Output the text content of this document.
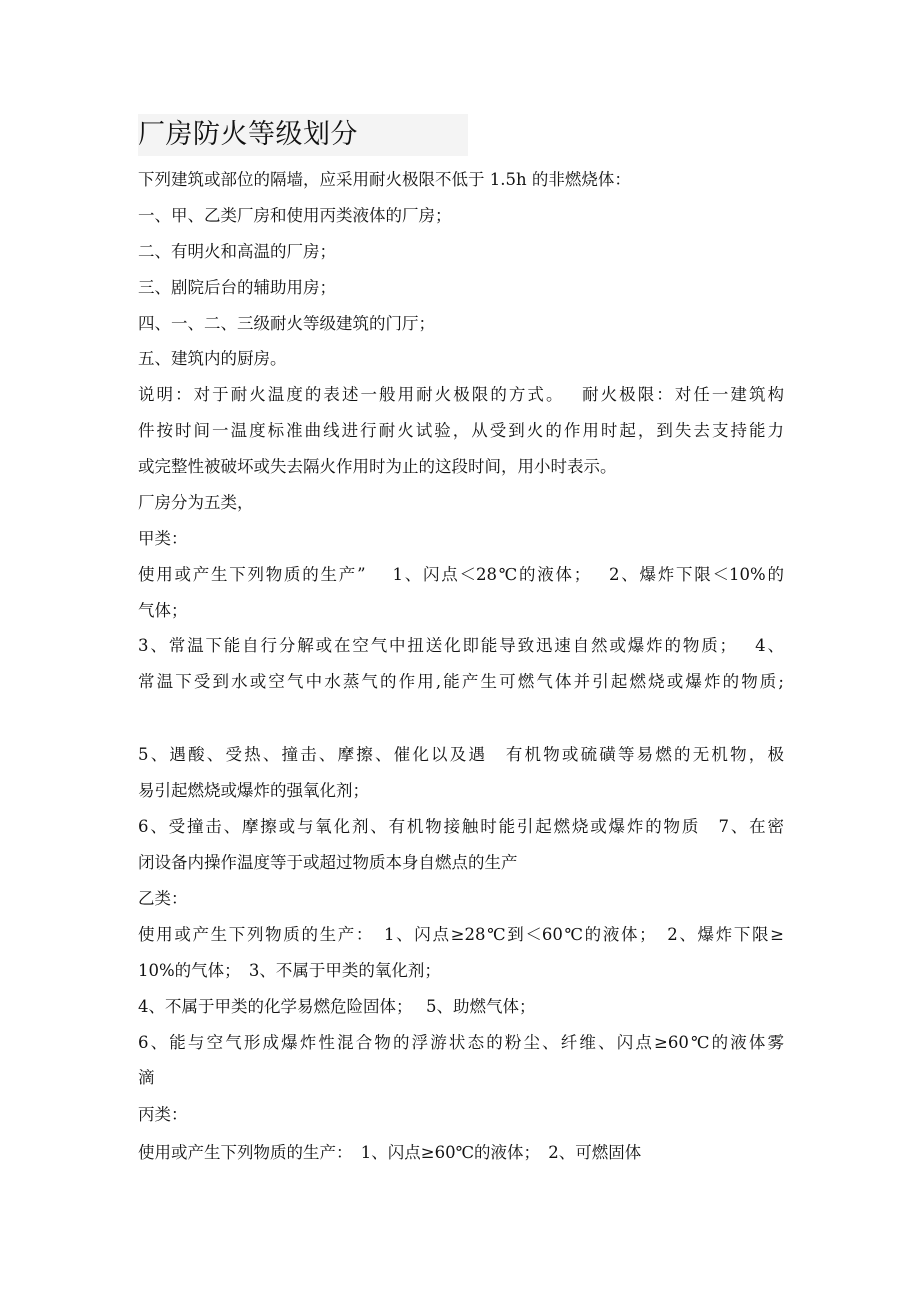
厂房防火等级划分
下列建筑或部位的隔墙，应采用耐火极限不低于 1.5h 的非燃烧体：
一、甲、乙类厂房和使用丙类液体的厂房；
二、有明火和高温的厂房；
三、剧院后台的辅助用房；
四、一、二、三级耐火等级建筑的门厅；
五、建筑内的厨房。
说明：对于耐火温度的表述一般用耐火极限的方式。　 耐火极限：对任一建筑构
件按时间一温度标准曲线进行耐火试验，从受到火的作用时起，到失去支持能力
或完整性被破坏或失去隔火作用时为止的这段时间，用小时表示。
厂房分为五类，
甲类：
使用或产生下列物质的生产”　 1、闪点＜28℃的液体；　 2、爆炸下限＜10%的
气体；
3、常温下能自行分解或在空气中扭送化即能导致迅速自然或爆炸的物质；　 4、
常温下受到水或空气中水蒸气的作用,能产生可燃气体并引起燃烧或爆炸的物质;
5、遇酸、受热、撞击、摩擦、催化以及遇　有机物或硫磺等易燃的无机物，极
易引起燃烧或爆炸的强氧化剂；
6、受撞击、摩擦或与氧化剂、有机物接触时能引起燃烧或爆炸的物质　7、在密
闭设备内操作温度等于或超过物质本身自燃点的生产
乙类：
使用或产生下列物质的生产：　1、闪点≥28℃到＜60℃的液体；　2、爆炸下限≥
10%的气体；　3、不属于甲类的氧化剂；
4、不属于甲类的化学易燃危险固体；　 5、助燃气体；
6、能与空气形成爆炸性混合物的浮游状态的粉尘、纤维、闪点≥60℃的液体雾
滴
丙类：
使用或产生下列物质的生产：　1、闪点≥60℃的液体；　2、可燃固体
